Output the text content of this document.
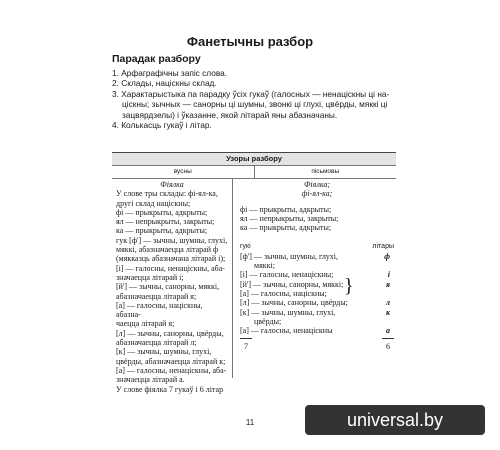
Фанетычны разбор
Парадак разбору
1. Арфаграфічны запіс слова.
2. Склады, націскны склад.
3. Характарыстыка па парадку ўсіх гукаў (галосных — ненаціскны ці на-ціскны; зычных — санорны ці шумны, звонкі ці глухі, цвёрды, мяккі ці зацвярдзелы) і ўказанне, якой літарай яны абазначаны.
4. Колькасць гукаў і літар.
Узоры разбору
вусны	пісьмовы
Фіялка
У слове тры склады: фі-ял-ка,
другі склад націскны;
фі — прыкрыты, адкрыты;
ял — непрыкрыты, закрыты;
ка — прыкрыты, адкрыты;
гук [ф'] — зычны, шумны, глухі,
мяккі, абазначаецца літарай ф
(мякказць абазначана літарай і);
[і] — галосны, ненаціскны, аба-
значаецца літарай і;
[й'] — зычны, санорны, мяккі,
абазначаецца літарай я;
[а] — галосны, націскны, абазна-
чаецца літарай я;
[л] — зычны, санорны, цвёрды,
абазначаецца літарай л;
[к] — зычны, шумны, глухі,
цвёрды, абазначаецца літарай к;
[а] — галосны, ненаціскны, аба-
значаецца літарай а.
У слове фіялка 7 гукаў і 6 літар
Фіялка;
фі-ял-ка;
фі — прыкрыты, адкрыты;
ял — непрыкрыты, закрыты;
ка — прыкрыты, адкрыты;
гукі	літары
[ф'] — зычны, шумны, глухі,	ф
мяккі;
[і] — галосны, ненаціскны;	і
[й'] — зычны, санорны, мяккі;	я
[а] — галосны, націскны;
[л] — зычны, санорны, цвёрды;	л
[к] — зычны, шумны, глухі,	к
цвёрды;
[а] — галосны, ненаціскны	а
7	6
}
11	universal.by
